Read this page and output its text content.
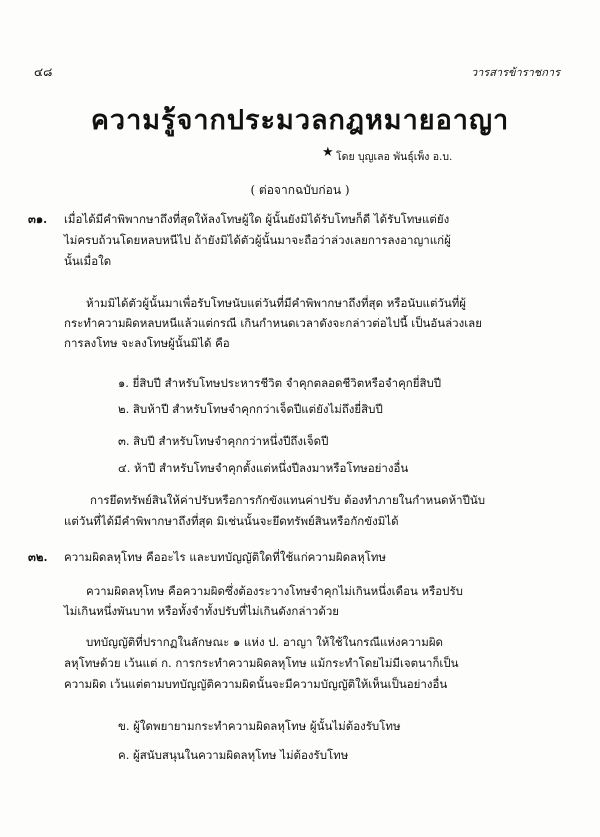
๔๘	วารสารข้าราชการ
ความรู้จากประมวลกฎหมายอาญา
★ โดย บุญเลอ พันธุ์เพ็ง อ.บ.
( ต่อจากฉบับก่อน )
๓๑. เมื่อได้มีคำพิพากษาถึงที่สุดให้ลงโทษผู้ใด ผู้นั้นยังมิได้รับโทษก็ดี ได้รับโทษแต่ยัง
ไม่ครบถ้วนโดยหลบหนีไป ถ้ายังมิได้ตัวผู้นั้นมาจะถือว่าล่วงเลยการลงอาญาแก่ผู้
นั้นเมื่อใด
ห้ามมิได้ตัวผู้นั้นมาเพื่อรับโทษนับแต่วันที่มีคำพิพากษาถึงที่สุด หรือนับแต่วันที่ผู้
กระทำความผิดหลบหนีแล้วแต่กรณี เกินกำหนดเวลาดังจะกล่าวต่อไปนี้ เป็นอันล่วงเลย
การลงโทษ จะลงโทษผู้นั้นมิได้ คือ
๑. ยี่สิบปี สำหรับโทษประหารชีวิต จำคุกตลอดชีวิตหรือจำคุกยี่สิบปี
๒. สิบห้าปี สำหรับโทษจำคุกกว่าเจ็ดปีแต่ยังไม่ถึงยี่สิบปี
๓. สิบปี สำหรับโทษจำคุกกว่าหนึ่งปีถึงเจ็ดปี
๔. ห้าปี สำหรับโทษจำคุกตั้งแต่หนึ่งปีลงมาหรือโทษอย่างอื่น
การยึดทรัพย์สินให้ค่าปรับหรือการกักขังแทนค่าปรับ ต้องทำภายในกำหนดห้าปีนับ
แต่วันที่ได้มีคำพิพากษาถึงที่สุด มิเช่นนั้นจะยึดทรัพย์สินหรือกักขังมิได้
๓๒. ความผิดลหุโทษ คืออะไร และบทบัญญัติใดที่ใช้แก่ความผิดลหุโทษ
ความผิดลหุโทษ คือความผิดซึ่งต้องระวางโทษจำคุกไม่เกินหนึ่งเดือน หรือปรับ
ไม่เกินหนึ่งพันบาท หรือทั้งจำทั้งปรับที่ไม่เกินดังกล่าวด้วย
บทบัญญัติที่ปรากฏในลักษณะ ๑ แห่ง ป. อาญา ให้ใช้ในกรณีแห่งความผิด
ลหุโทษด้วย เว้นแต่ ก. การกระทำความผิดลหุโทษ แม้กระทำโดยไม่มีเจตนาก็เป็น
ความผิด เว้นแต่ตามบทบัญญัติความผิดนั้นจะมีความบัญญัติให้เห็นเป็นอย่างอื่น
ข. ผู้ใดพยายามกระทำความผิดลหุโทษ ผู้นั้นไม่ต้องรับโทษ
ค. ผู้สนับสนุนในความผิดลหุโทษ ไม่ต้องรับโทษ
